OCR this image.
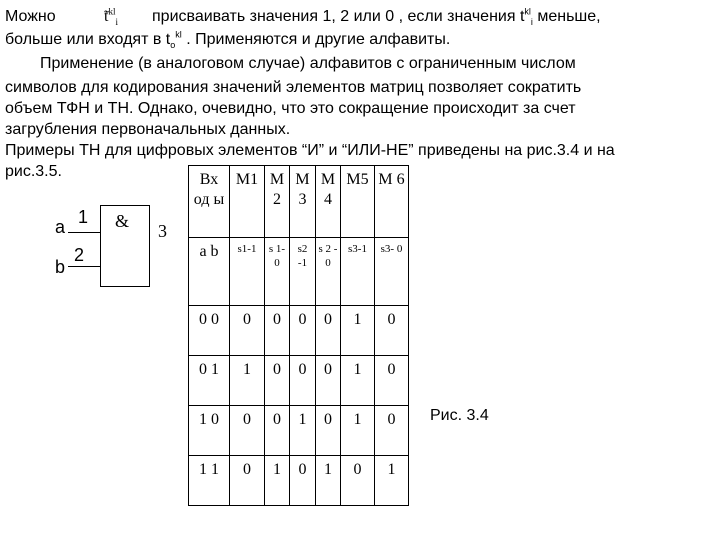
Можно	$t^{kl}_i$ присваивать значения 1, 2 или 0 , если значения $t^{kl}_i$ меньше,
больше или входят в $t_o^{kl}$ . Применяются и другие алфавиты.
Применение (в аналоговом случае) алфавитов с ограниченным числом
символов для кодирования значений элементов матриц позволяет сократить
объем ТФН и ТН. Однако, очевидно, что это сокращение происходит за счет
загрубления первоначальных данных.
Примеры ТН для цифровых элементов “И” и “ИЛИ-НЕ” приведены на рис.3.4 и на
рис.3.5.
&
a 1
b
2
3
Вх од ы	M1	M 2	M 3	M 4	M5	M 6
a b	s1-1	s 1- 0	s2 -1	s 2 - 0	s3-1	s3- 0
0 0	0	0	0	0	1	0
0 1	1	0	0	0	1	0
1 0	0	0	1	0	1	0
1 1	0	1	0	1	0	1
Рис. 3.4
